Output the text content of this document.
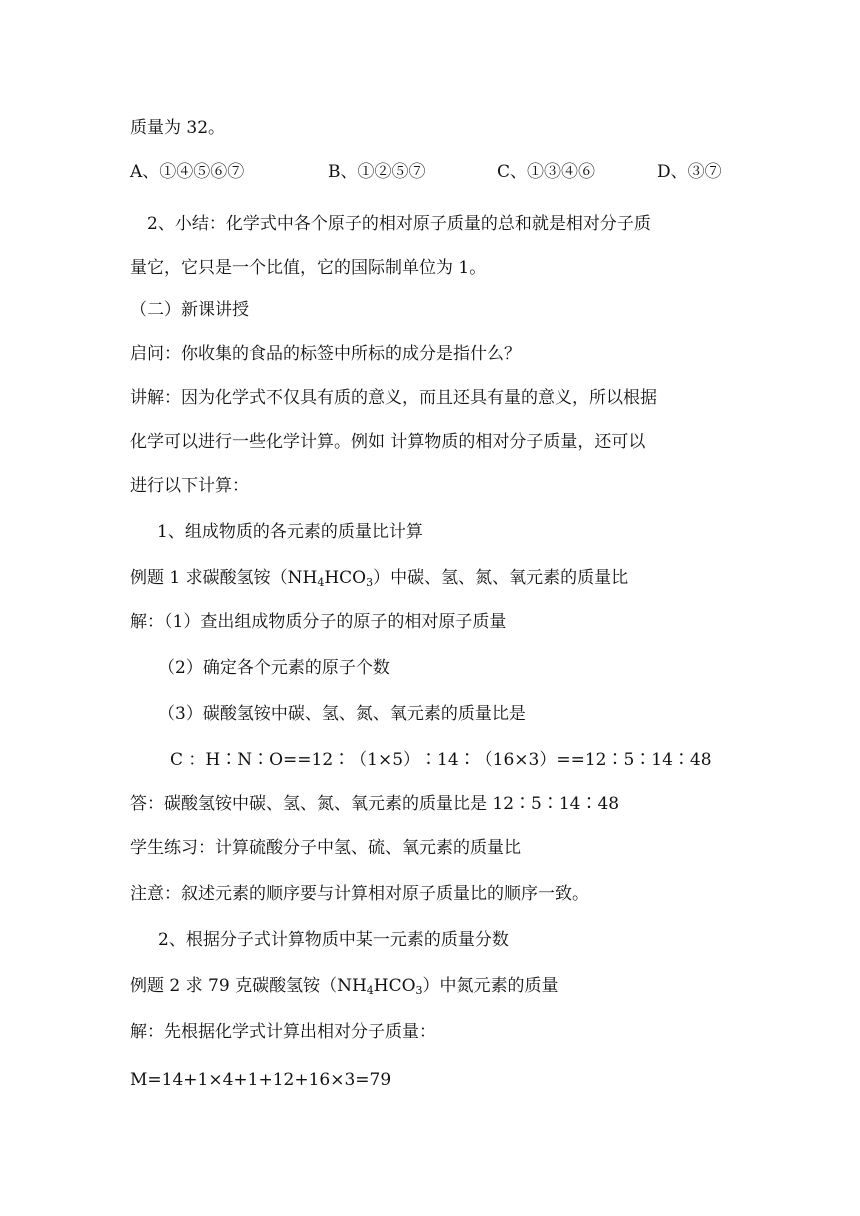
质量为 32。
A、①④⑤⑥⑦	B、①②⑤⑦	C、①③④⑥	D、③⑦
2、小结：化学式中各个原子的相对原子质量的总和就是相对分子质
量它，它只是一个比值，它的国际制单位为 1。
（二）新课讲授
启问：你收集的食品的标签中所标的成分是指什么？
讲解：因为化学式不仅具有质的意义，而且还具有量的意义，所以根据
化学可以进行一些化学计算。例如 计算物质的相对分子质量，还可以
进行以下计算：
1、组成物质的各元素的质量比计算
例题 1 求碳酸氢铵$(NH_4HCO_3)$中碳、氢、氮、氧元素的质量比
解：（1）查出组成物质分子的原子的相对原子质量
（2）确定各个元素的原子个数
（3）碳酸氢铵中碳、氢、氮、氧元素的质量比是
C ：H∶N∶O==12∶（1×5）∶14∶（16×3）==12∶5∶14∶48
答：碳酸氢铵中碳、氢、氮、氧元素的质量比是 12∶5∶14∶48
学生练习：计算硫酸分子中氢、硫、氧元素的质量比
注意：叙述元素的顺序要与计算相对原子质量比的顺序一致。
2、根据分子式计算物质中某一元素的质量分数
例题 2 求 79 克碳酸氢铵$(NH_4HCO_3)$中氮元素的质量
解：先根据化学式计算出相对分子质量：
M=14+1×4+1+12+16×3=79
